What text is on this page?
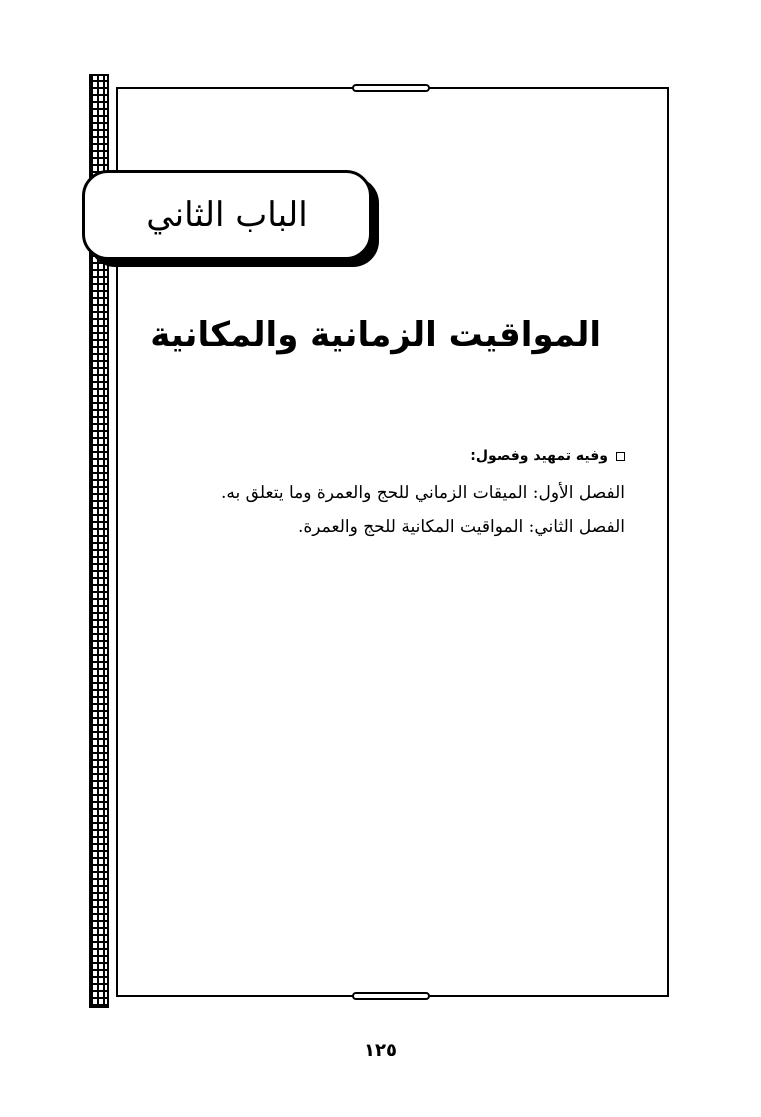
الباب الثاني
المواقيت الزمانية والمكانية
وفيه تمهيد وفصول:
الفصل الأول: الميقات الزماني للحج والعمرة وما يتعلق به.
الفصل الثاني: المواقيت المكانية للحج والعمرة.
١٢٥
